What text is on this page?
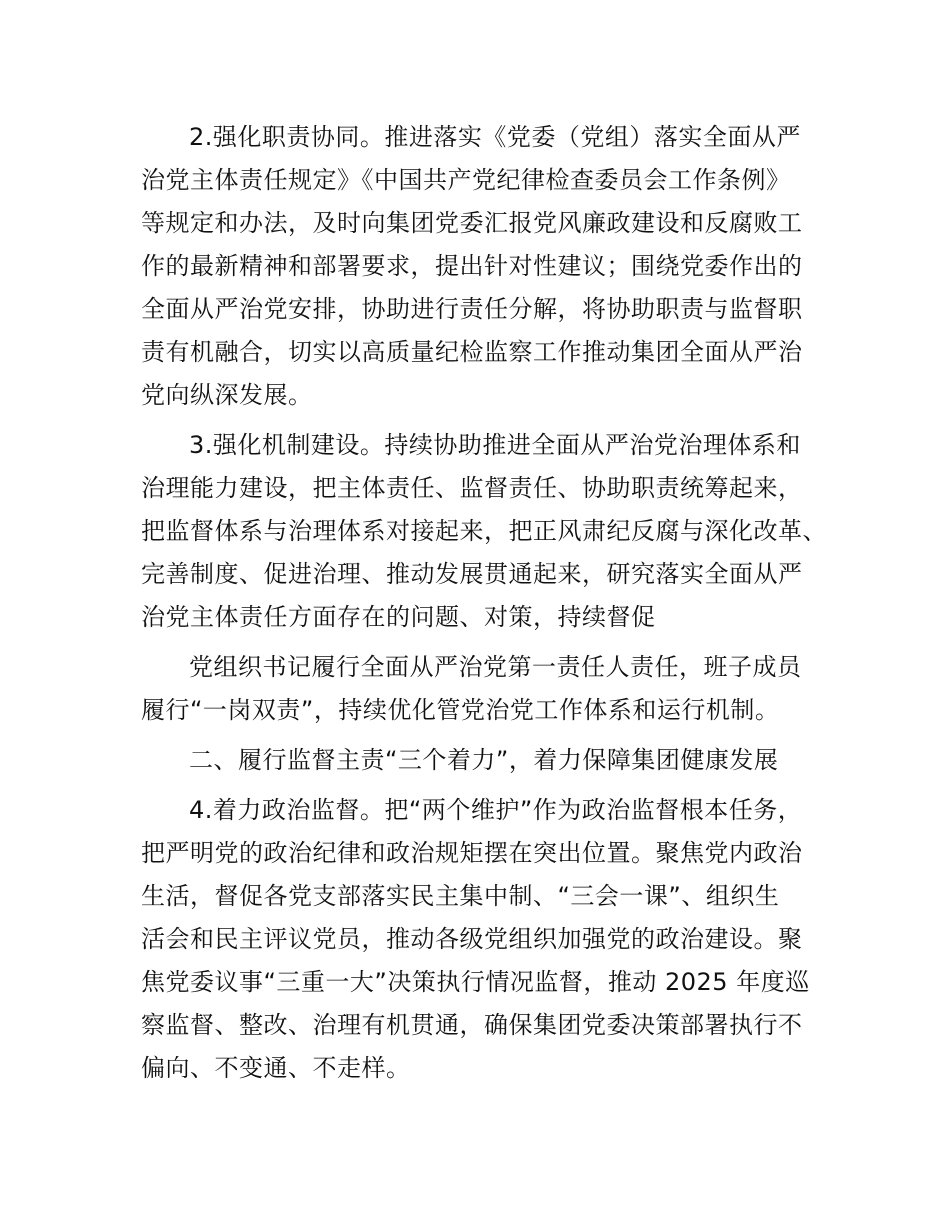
2.强化职责协同。推进落实《党委（党组）落实全面从严
治党主体责任规定》《中国共产党纪律检查委员会工作条例》
等规定和办法，及时向集团党委汇报党风廉政建设和反腐败工
作的最新精神和部署要求，提出针对性建议；围绕党委作出的
全面从严治党安排，协助进行责任分解，将协助职责与监督职
责有机融合，切实以高质量纪检监察工作推动集团全面从严治
党向纵深发展。

3.强化机制建设。持续协助推进全面从严治党治理体系和
治理能力建设，把主体责任、监督责任、协助职责统筹起来，
把监督体系与治理体系对接起来，把正风肃纪反腐与深化改革、
完善制度、促进治理、推动发展贯通起来，研究落实全面从严
治党主体责任方面存在的问题、对策，持续督促

党组织书记履行全面从严治党第一责任人责任，班子成员
履行“一岗双责”，持续优化管党治党工作体系和运行机制。

二、履行监督主责“三个着力”，着力保障集团健康发展

4.着力政治监督。把“两个维护”作为政治监督根本任务，
把严明党的政治纪律和政治规矩摆在突出位置。聚焦党内政治
生活，督促各党支部落实民主集中制、“三会一课”、组织生
活会和民主评议党员，推动各级党组织加强党的政治建设。聚
焦党委议事“三重一大”决策执行情况监督，推动 2025 年度巡
察监督、整改、治理有机贯通，确保集团党委决策部署执行不
偏向、不变通、不走样。
